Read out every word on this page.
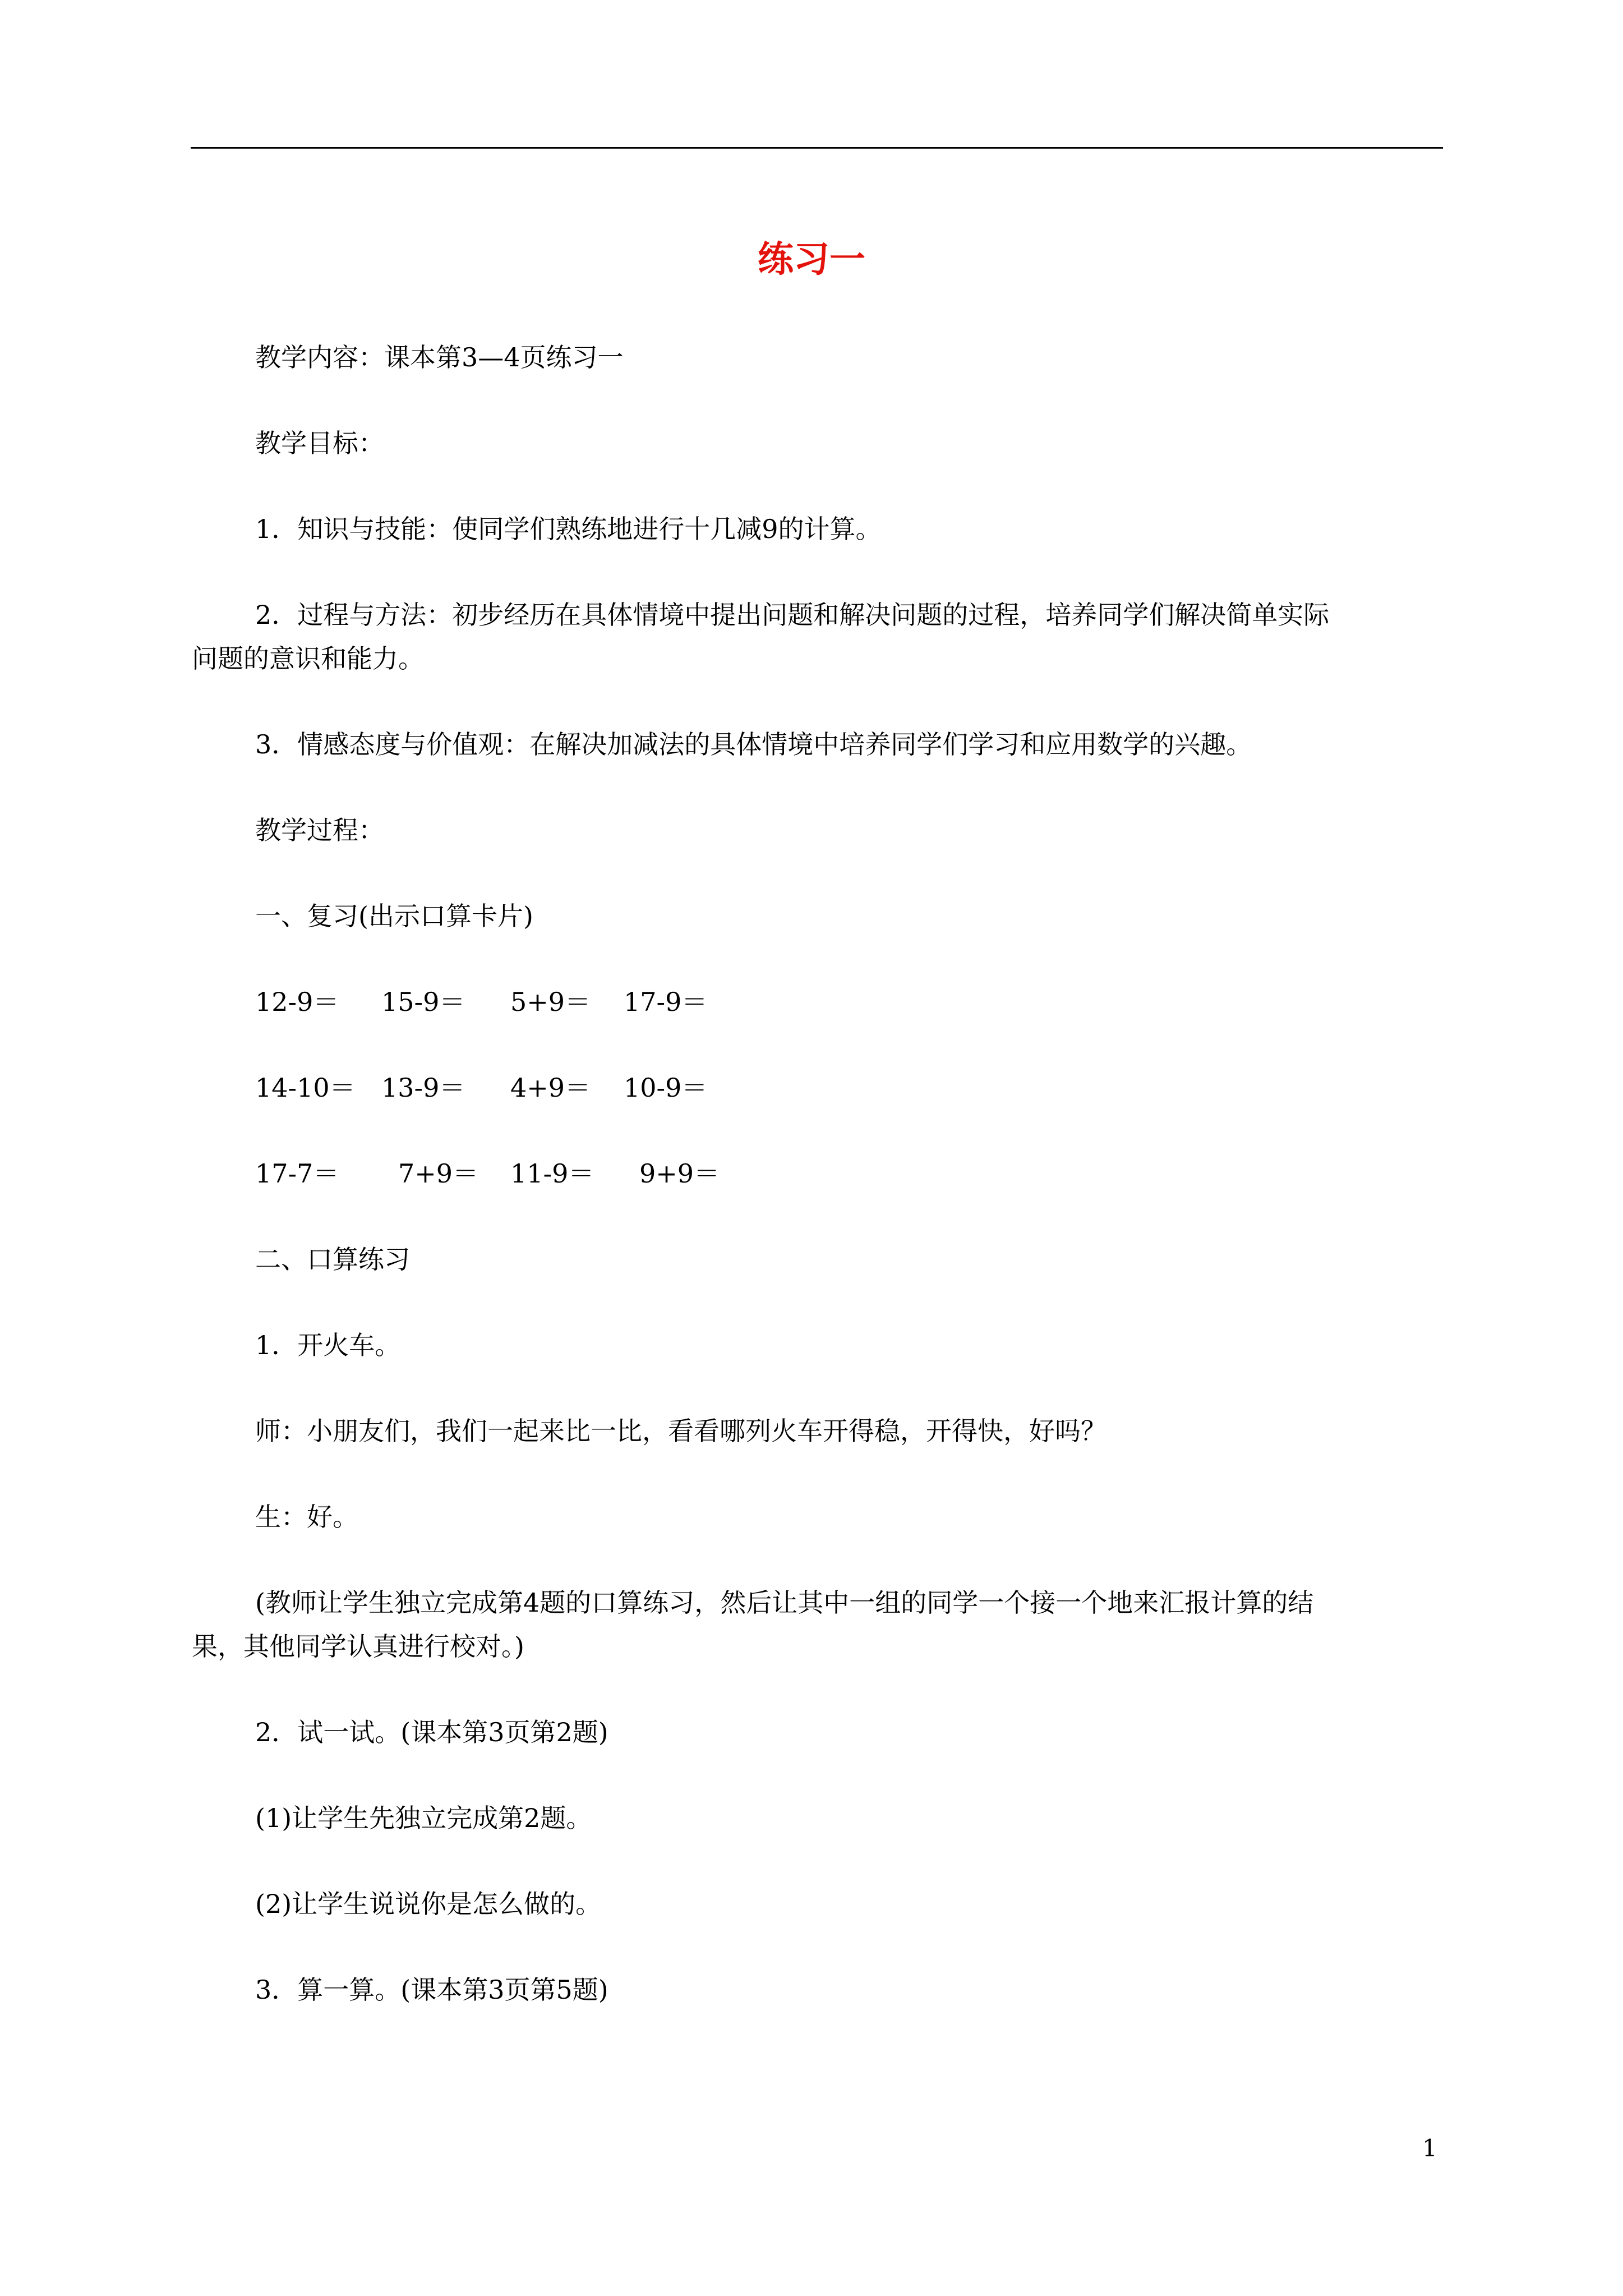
练习一

教学内容：课本第3—4页练习一

教学目标：

1．知识与技能：使同学们熟练地进行十几减9的计算。

2．过程与方法：初步经历在具体情境中提出问题和解决问题的过程，培养同学们解决简单实际
问题的意识和能力。

3．情感态度与价值观：在解决加减法的具体情境中培养同学们学习和应用数学的兴趣。

教学过程：

一、复习(出示口算卡片)

12-9＝ 15-9＝ 5+9＝ 17-9＝
14-10＝ 13-9＝ 4+9＝ 10-9＝
17-7＝ 7+9＝ 11-9＝ 9+9＝

二、口算练习

1．开火车。

师：小朋友们，我们一起来比一比，看看哪列火车开得稳，开得快，好吗？

生：好。

(教师让学生独立完成第4题的口算练习，然后让其中一组的同学一个接一个地来汇报计算的结
果，其他同学认真进行校对。)

2．试一试。(课本第3页第2题)

(1)让学生先独立完成第2题。

(2)让学生说说你是怎么做的。

3．算一算。(课本第3页第5题)

1
